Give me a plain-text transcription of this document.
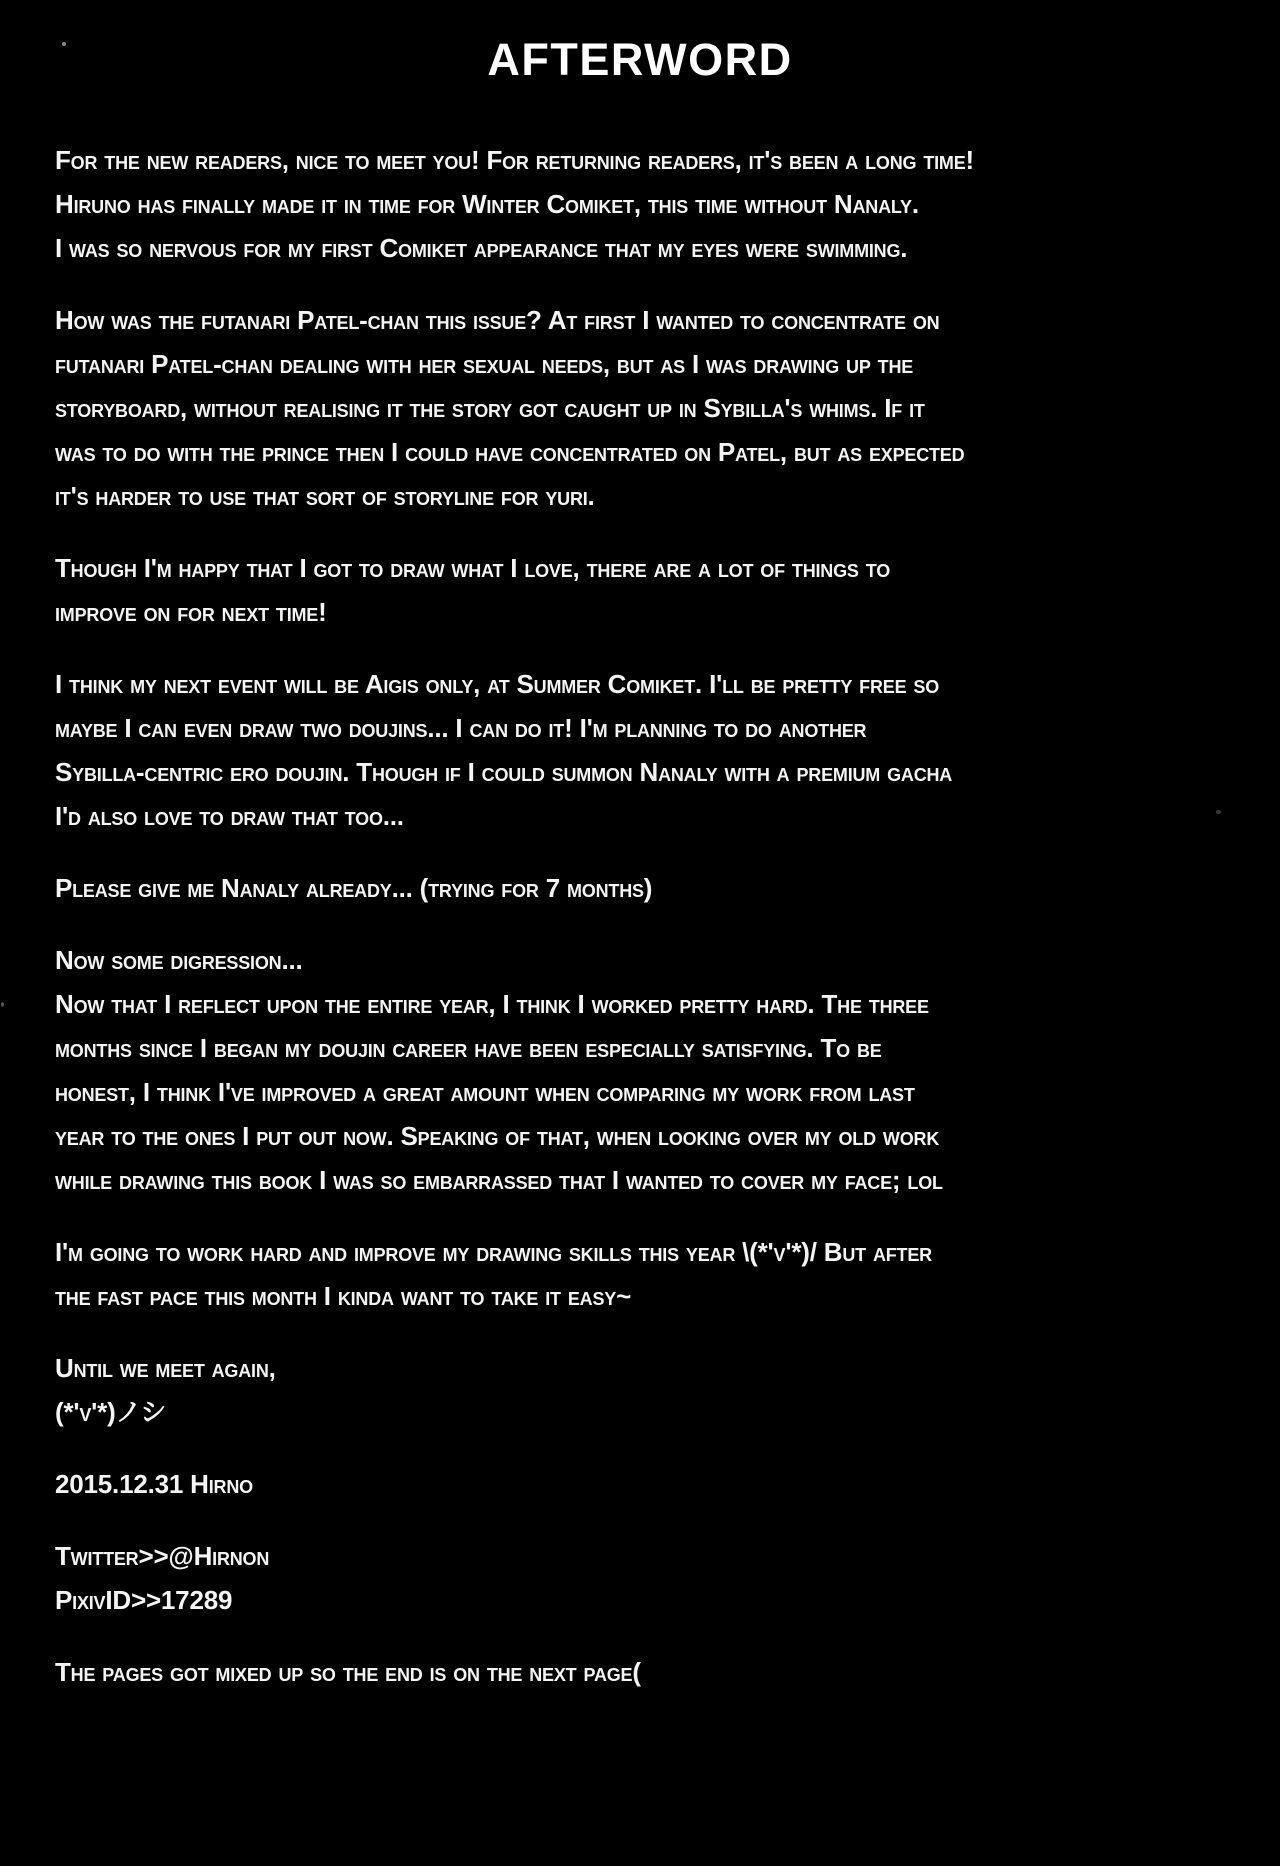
AFTERWORD
For the new readers, nice to meet you! For returning readers, it's been a long time!
Hiruno has finally made it in time for Winter Comiket, this time without Nanaly.
I was so nervous for my first Comiket appearance that my eyes were swimming.
How was the futanari Patel-chan this issue? At first I wanted to concentrate on
futanari Patel-chan dealing with her sexual needs, but as I was drawing up the
storyboard, without realising it the story got caught up in Sybilla's whims. If it
was to do with the prince then I could have concentrated on Patel, but as expected
it's harder to use that sort of storyline for yuri.
Though I'm happy that I got to draw what I love, there are a lot of things to
improve on for next time!
I think my next event will be Aigis only, at Summer Comiket. I'll be pretty free so
maybe I can even draw two doujins... I can do it! I'm planning to do another
Sybilla-centric ero doujin. Though if I could summon Nanaly with a premium gacha
I'd also love to draw that too...
Please give me Nanaly already... (trying for 7 months)
Now some digression...
Now that I reflect upon the entire year, I think I worked pretty hard. The three
months since I began my doujin career have been especially satisfying. To be
honest, I think I've improved a great amount when comparing my work from last
year to the ones I put out now. Speaking of that, when looking over my old work
while drawing this book I was so embarrassed that I wanted to cover my face; lol
I'm going to work hard and improve my drawing skills this year \(*'v'*)/ But after
the fast pace this month I kinda want to take it easy~
Until we meet again,
(*'v'*)ノシ
2015.12.31 Hirno
Twitter>>@Hirnon
PixivID>>17289
The pages got mixed up so the end is on the next page(
